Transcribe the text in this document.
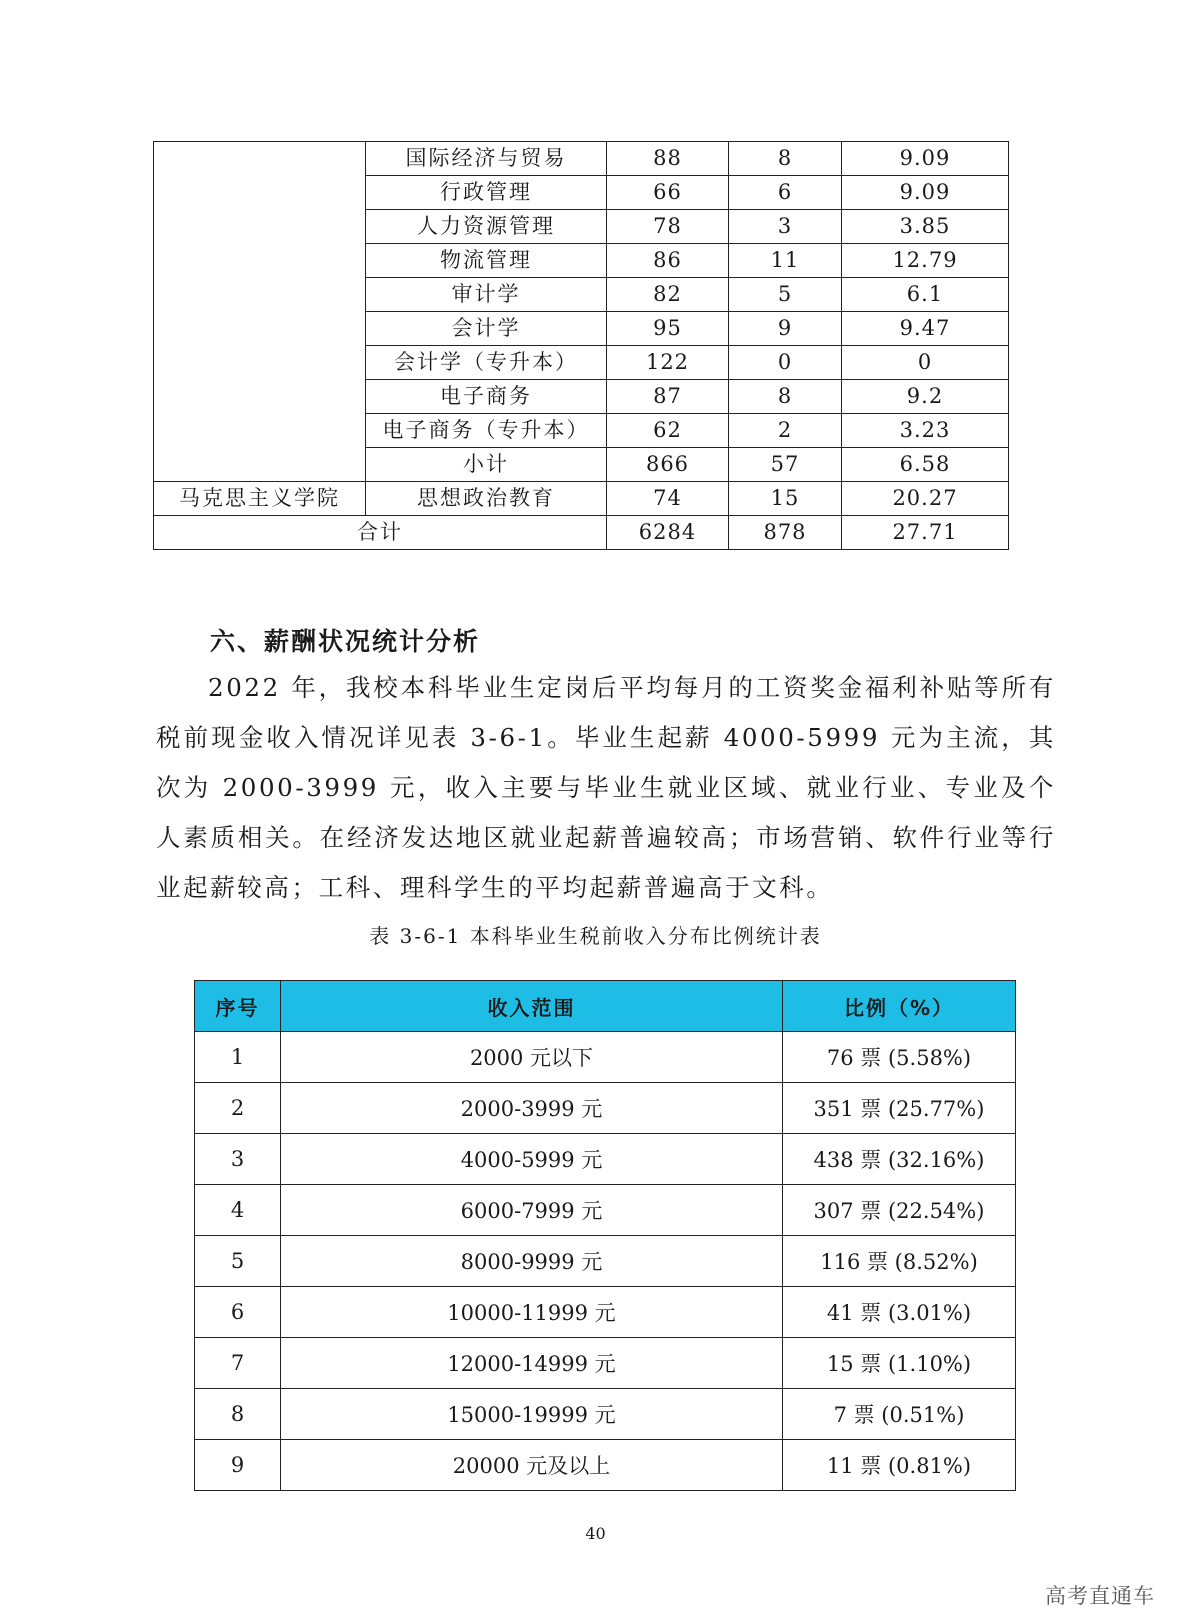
	国际经济与贸易	88	8	9.09
	行政管理	66	6	9.09
	人力资源管理	78	3	3.85
	物流管理	86	11	12.79
	审计学	82	5	6.1
	会计学	95	9	9.47
	会计学（专升本）	122	0	0
	电子商务	87	8	9.2
	电子商务（专升本）	62	2	3.23
	小计	866	57	6.58
马克思主义学院	思想政治教育	74	15	20.27
合计		6284	878	27.71
六、薪酬状况统计分析
2022 年，我校本科毕业生定岗后平均每月的工资奖金福利补贴等所有税前现金收入情况详见表 3-6-1。毕业生起薪 4000-5999 元为主流，其次为 2000-3999 元，收入主要与毕业生就业区域、就业行业、专业及个人素质相关。在经济发达地区就业起薪普遍较高；市场营销、软件行业等行业起薪较高；工科、理科学生的平均起薪普遍高于文科。
表 3-6-1 本科毕业生税前收入分布比例统计表
序号	收入范围	比例（%）
1	2000 元以下	76 票 (5.58%)
2	2000-3999 元	351 票 (25.77%)
3	4000-5999 元	438 票 (32.16%)
4	6000-7999 元	307 票 (22.54%)
5	8000-9999 元	116 票 (8.52%)
6	10000-11999 元	41 票 (3.01%)
7	12000-14999 元	15 票 (1.10%)
8	15000-19999 元	7 票 (0.51%)
9	20000 元及以上	11 票 (0.81%)
40
高考直通车
